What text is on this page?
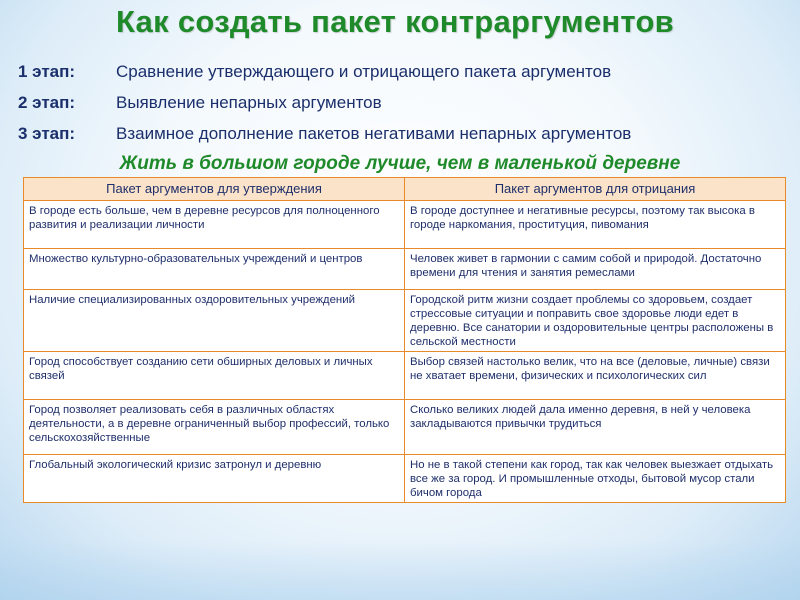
Как создать пакет контраргументов
1 этап: Сравнение утверждающего и отрицающего пакета аргументов
2 этап: Выявление непарных аргументов
3 этап: Взаимное дополнение пакетов негативами непарных аргументов
Жить в большом городе лучше, чем в маленькой деревне
Пакет аргументов для утверждения	Пакет аргументов для отрицания
В городе есть больше, чем в деревне ресурсов для полноценного развития и реализации личности	В городе доступнее и негативные ресурсы, поэтому так высока в городе наркомания, проституция, пивомания
Множество культурно-образовательных учреждений и центров	Человек живет в гармонии с самим собой и природой. Достаточно времени для чтения и занятия ремеслами
Наличие специализированных оздоровительных учреждений	Городской ритм жизни создает проблемы со здоровьем, создает стрессовые ситуации и поправить свое здоровье люди едет в деревню. Все санатории и оздоровительные центры расположены в сельской местности
Город способствует созданию сети обширных деловых и личных связей	Выбор связей настолько велик, что на все (деловые, личные) связи не хватает времени, физических и психологических сил
Город позволяет реализовать себя в различных областях деятельности, а в деревне ограниченный выбор профессий, только сельскохозяйственные	Сколько великих людей дала именно деревня, в ней у человека закладываются привычки трудиться
Глобальный экологический кризис затронул и деревню	Но не в такой степени как город, так как человек выезжает отдыхать все же за город. И промышленные отходы, бытовой мусор стали бичом города
